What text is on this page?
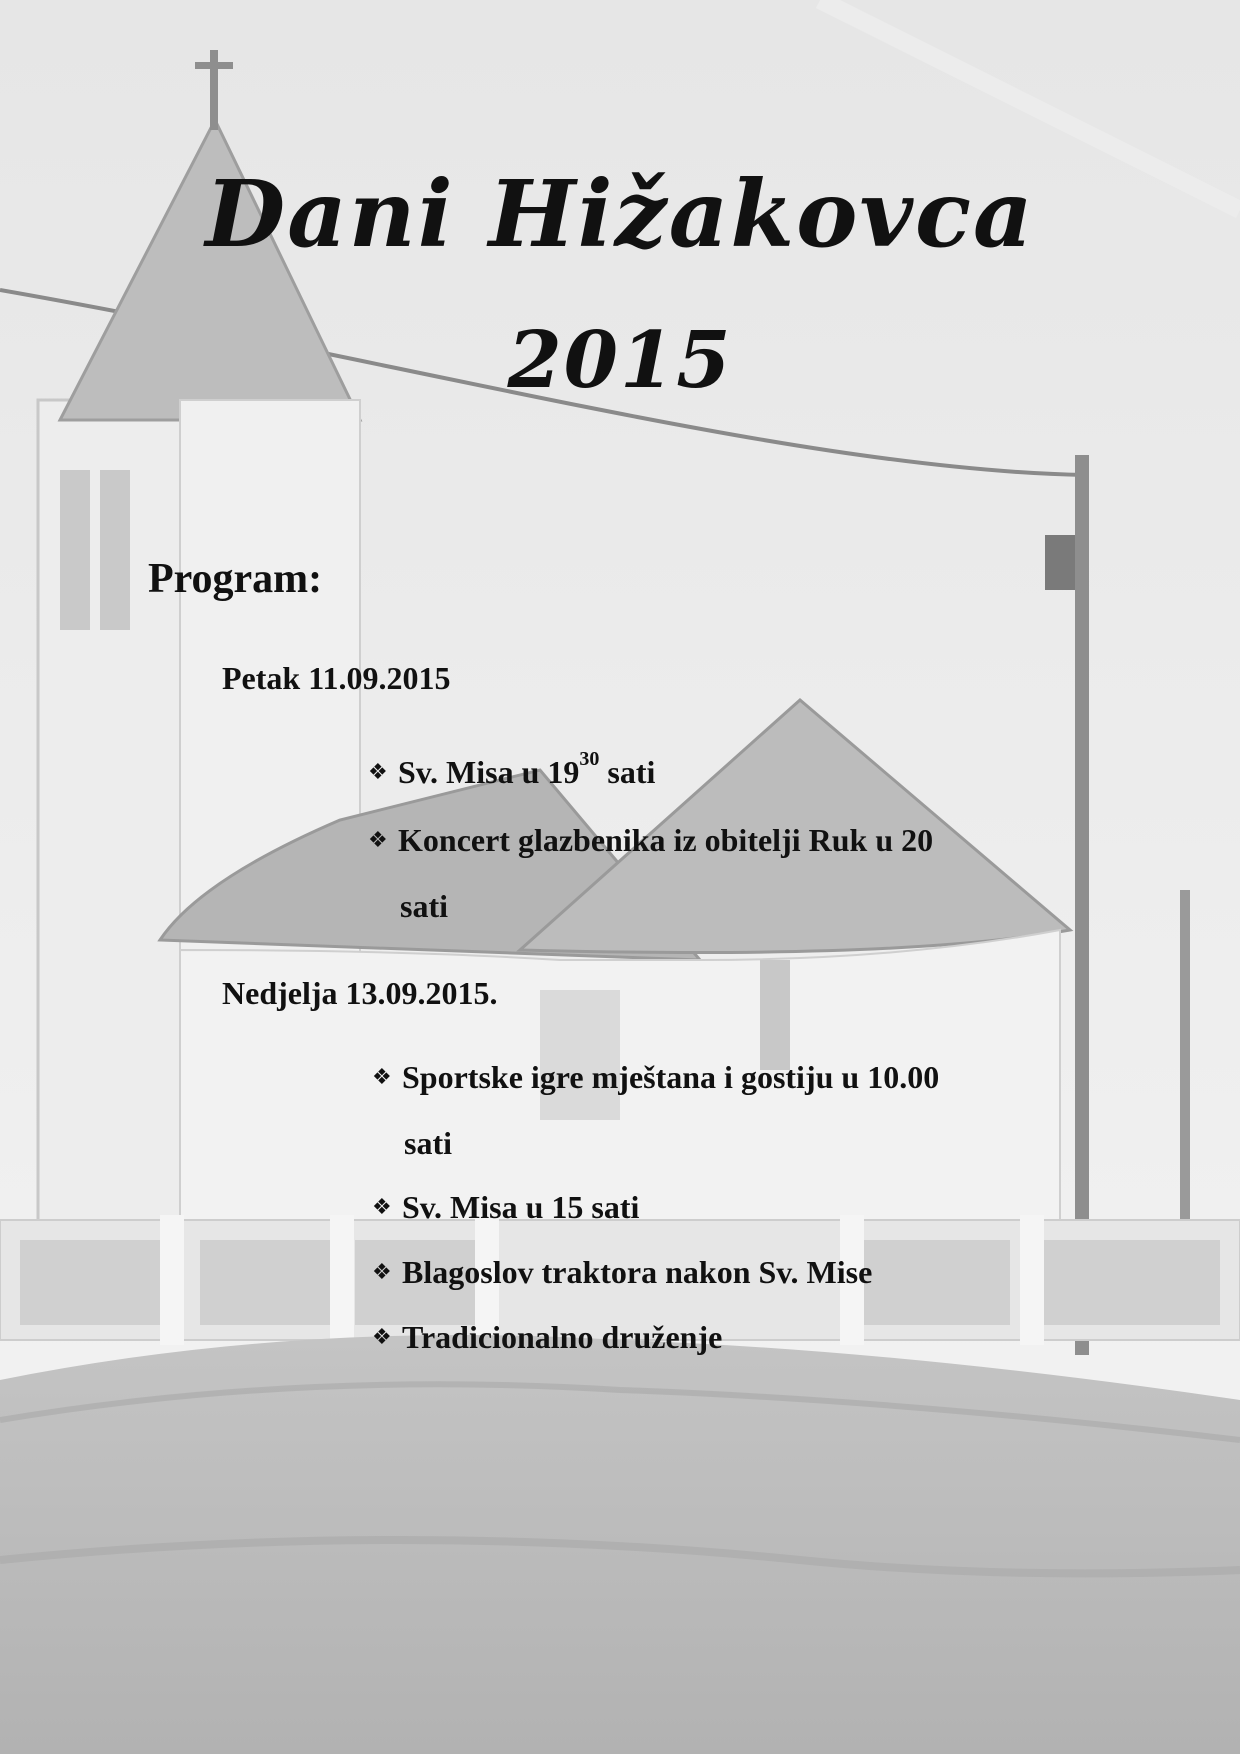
Dani Hižakovca
2015
Program:
Petak 11.09.2015
❖ Sv. Misa u $19^{30}$ sati
❖ Koncert glazbenika iz obitelji Ruk u 20
sati
Nedjelja 13.09.2015.
❖ Sportske igre mještana i gostiju u 10.00
sati
❖ Sv. Misa u 15 sati
❖ Blagoslov traktora nakon Sv. Mise
❖ Tradicionalno druženje
